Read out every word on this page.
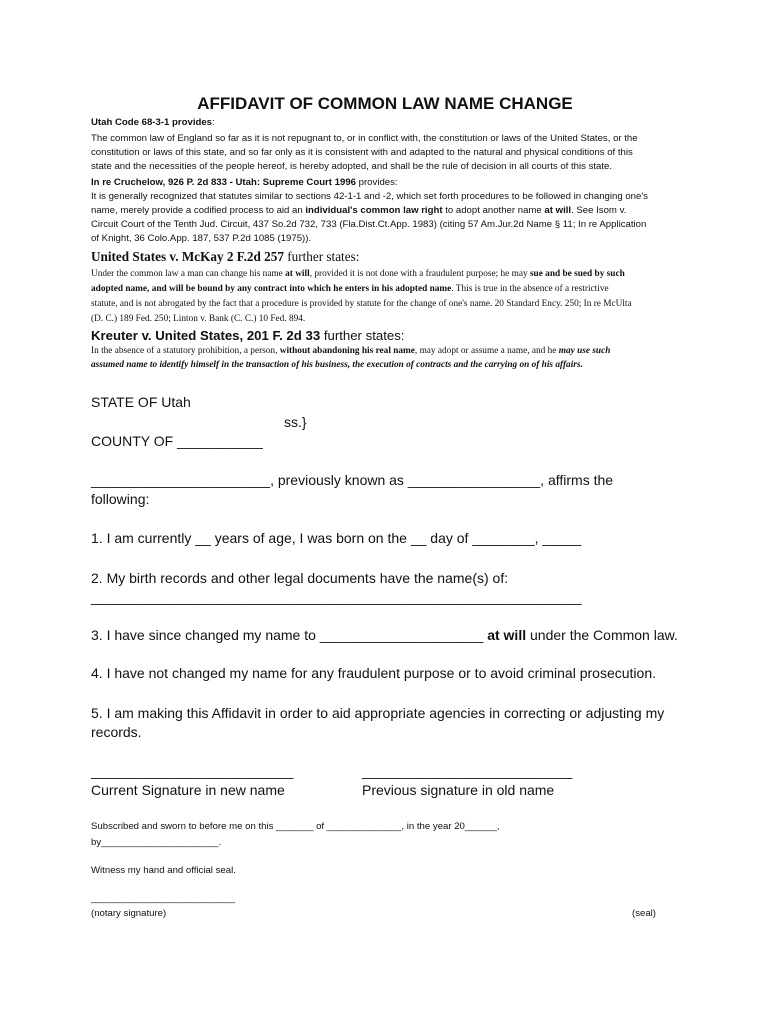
AFFIDAVIT OF COMMON LAW NAME CHANGE
Utah Code 68-3-1 provides:
The common law of England so far as it is not repugnant to, or in conflict with, the constitution or laws of the United States, or the
constitution or laws of this state, and so far only as it is consistent with and adapted to the natural and physical conditions of this
state and the necessities of the people hereof, is hereby adopted, and shall be the rule of decision in all courts of this state.
In re Cruchelow, 926 P. 2d 833 - Utah: Supreme Court 1996 provides:
It is generally recognized that statutes similar to sections 42-1-1 and -2, which set forth procedures to be followed in changing one's
name, merely provide a codified process to aid an individual's common law right to adopt another name at will. See Isom v.
Circuit Court of the Tenth Jud. Circuit, 437 So.2d 732, 733 (Fla.Dist.Ct.App. 1983) (citing 57 Am.Jur.2d Name § 11; In re Application
of Knight, 36 Colo.App. 187, 537 P.2d 1085 (1975)).
United States v. McKay 2 F.2d 257 further states:
Under the common law a man can change his name at will, provided it is not done with a fraudulent purpose; he may sue and be sued by such
adopted name, and will be bound by any contract into which he enters in his adopted name. This is true in the absence of a restrictive
statute, and is not abrogated by the fact that a procedure is provided by statute for the change of one's name. 20 Standard Ency. 250; In re McUlta
(D. C.) 189 Fed. 250; Linton v. Bank (C. C.) 10 Fed. 894.
Kreuter v. United States, 201 F. 2d 33 further states:
In the absence of a statutory prohibition, a person, without abandoning his real name, may adopt or assume a name, and he may use such
assumed name to identify himself in the transaction of his business, the execution of contracts and the carrying on of his affairs.
STATE OF Utah
ss.}
COUNTY OF ___________
_______________________, previously known as _________________, affirms the
following:
1. I am currently __ years of age, I was born on the __ day of ________, _____
2. My birth records and other legal documents have the name(s) of:
_______________________________________________________________
3. I have since changed my name to _____________________ at will under the Common law.
4. I have not changed my name for any fraudulent purpose or to avoid criminal prosecution.
5. I am making this Affidavit in order to aid appropriate agencies in correcting or adjusting my
records.
__________________________	___________________________
Current Signature in new name	Previous signature in old name
Subscribed and sworn to before me on this _______ of ______________, in the year 20______,
by______________________.
Witness my hand and official seal.
___________________________
(notary signature)	(seal)
